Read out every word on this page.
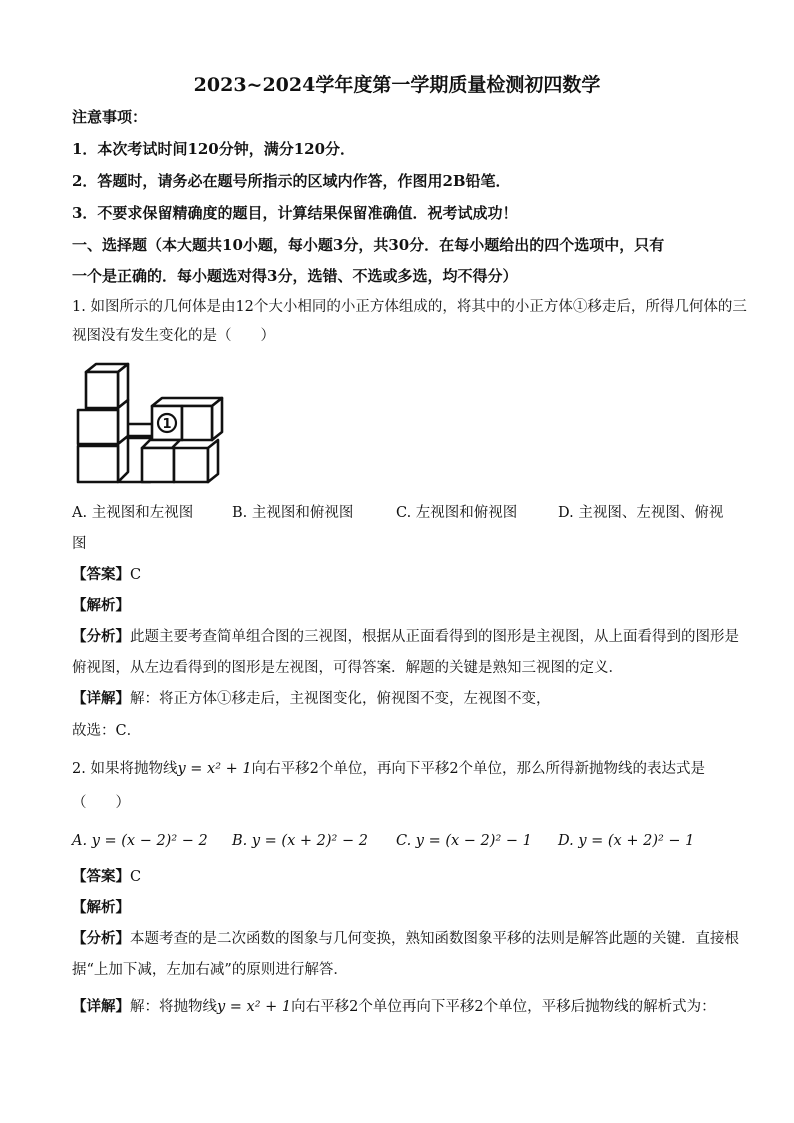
2023~2024学年度第一学期质量检测初四数学
注意事项：
1．本次考试时间120分钟，满分120分．
2．答题时，请务必在题号所指示的区域内作答，作图用2B铅笔．
3．不要求保留精确度的题目，计算结果保留准确值．祝考试成功！
一、选择题（本大题共10小题，每小题3分，共30分．在每小题给出的四个选项中，只有
一个是正确的．每小题选对得3分，选错、不选或多选，均不得分）
1. 如图所示的几何体是由12个大小相同的小正方体组成的，将其中的小正方体①移走后，所得几何体的三
视图没有发生变化的是（　　）
1
A. 主视图和左视图	B. 主视图和俯视图	C. 左视图和俯视图	D. 主视图、左视图、俯视
图
【答案】C
【解析】
【分析】此题主要考查简单组合图的三视图，根据从正面看得到的图形是主视图，从上面看得到的图形是
俯视图，从左边看得到的图形是左视图，可得答案．解题的关键是熟知三视图的定义．
【详解】解：将正方体①移走后，主视图变化，俯视图不变，左视图不变，
故选：C．
2. 如果将抛物线y = x² + 1向右平移2个单位，再向下平移2个单位，那么所得新抛物线的表达式是
（　　）
A. y = (x − 2)² − 2 B. y = (x + 2)² − 2 C. y = (x − 2)² − 1 D. y = (x + 2)² − 1
【答案】C
【解析】
【分析】本题考查的是二次函数的图象与几何变换，熟知函数图象平移的法则是解答此题的关键．直接根
据“上加下减，左加右减”的原则进行解答．
【详解】解：将抛物线y = x² + 1向右平移2个单位再向下平移2个单位，平移后抛物线的解析式为：
